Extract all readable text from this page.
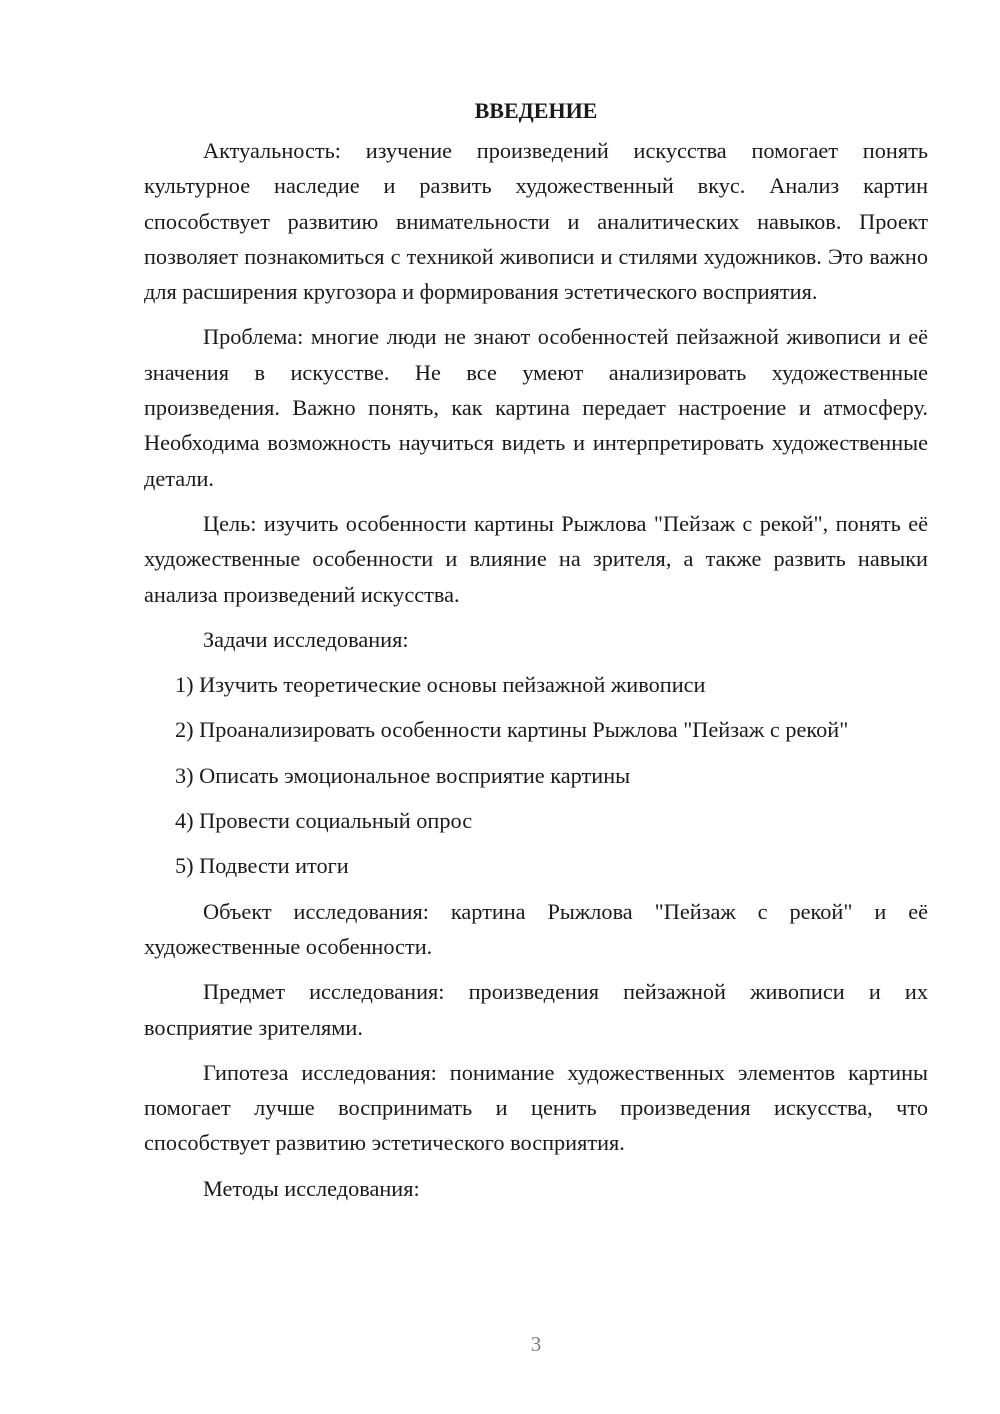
ВВЕДЕНИЕ

Актуальность: изучение произведений искусства помогает понять культурное наследие и развить художественный вкус. Анализ картин способствует развитию внимательности и аналитических навыков. Проект позволяет познакомиться с техникой живописи и стилями художников. Это важно для расширения кругозора и формирования эстетического восприятия.

Проблема: многие люди не знают особенностей пейзажной живописи и её значения в искусстве. Не все умеют анализировать художественные произведения. Важно понять, как картина передает настроение и атмосферу. Необходима возможность научиться видеть и интерпретировать художественные детали.

Цель: изучить особенности картины Рыжлова "Пейзаж с рекой", понять её художественные особенности и влияние на зрителя, а также развить навыки анализа произведений искусства.

Задачи исследования:

1) Изучить теоретические основы пейзажной живописи

2) Проанализировать особенности картины Рыжлова "Пейзаж с рекой"

3) Описать эмоциональное восприятие картины

4) Провести социальный опрос

5) Подвести итоги

Объект исследования: картина Рыжлова "Пейзаж с рекой" и её художественные особенности.

Предмет исследования: произведения пейзажной живописи и их восприятие зрителями.

Гипотеза исследования: понимание художественных элементов картины помогает лучше воспринимать и ценить произведения искусства, что способствует развитию эстетического восприятия.

Методы исследования:

3
